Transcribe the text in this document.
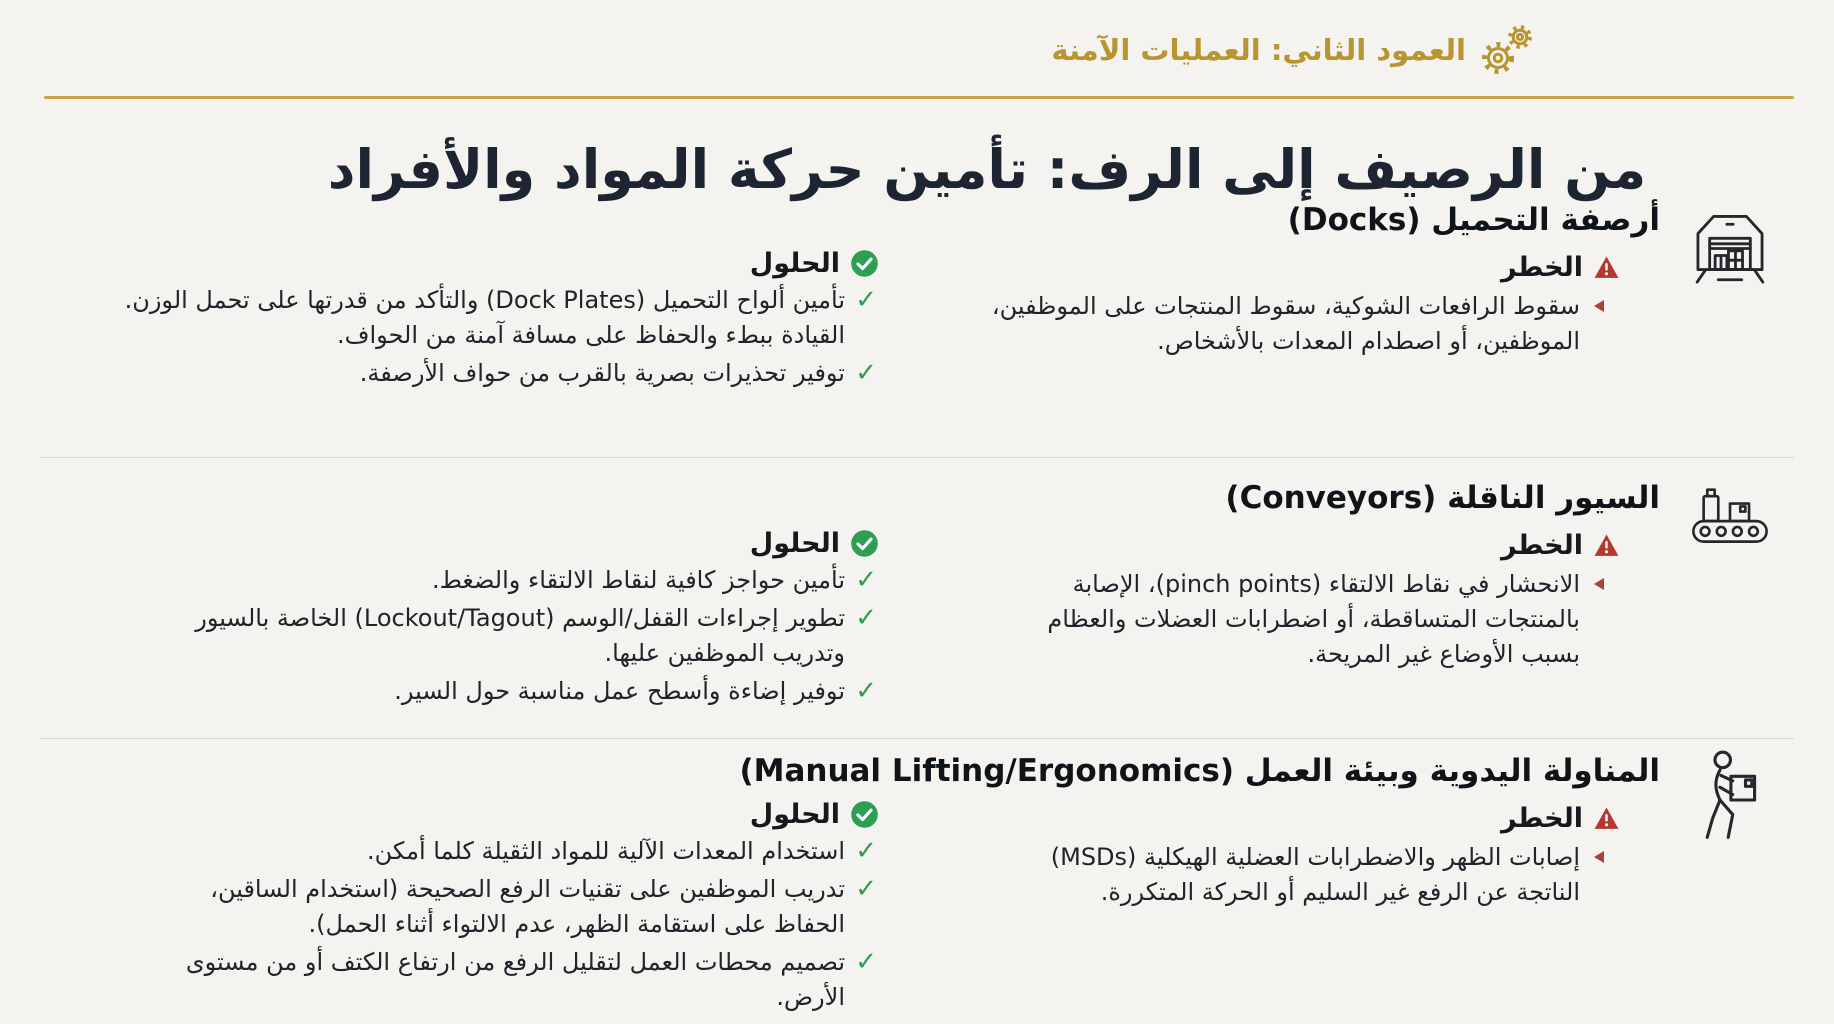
العمود الثاني: العمليات الآمنة
من الرصيف إلى الرف: تأمين حركة المواد والأفراد
أرصفة التحميل (Docks)
الخطر
سقوط الرافعات الشوكية، سقوط المنتجات على الموظفين،
الموظفين، أو اصطدام المعدات بالأشخاص.
الحلول
✓
تأمين ألواح التحميل (Dock Plates) والتأكد من قدرتها على تحمل الوزن.
القيادة ببطء والحفاظ على مسافة آمنة من الحواف.
✓
توفير تحذيرات بصرية بالقرب من حواف الأرصفة.
السيور الناقلة (Conveyors)
الخطر
الانحشار في نقاط الالتقاء (pinch points)، الإصابة
بالمنتجات المتساقطة، أو اضطرابات العضلات والعظام
بسبب الأوضاع غير المريحة.
الحلول
✓
تأمين حواجز كافية لنقاط الالتقاء والضغط.
✓
تطوير إجراءات القفل/الوسم (Lockout/Tagout) الخاصة بالسيور
وتدريب الموظفين عليها.
✓
توفير إضاءة وأسطح عمل مناسبة حول السير.
المناولة اليدوية وبيئة العمل (Manual Lifting/Ergonomics)
الخطر
إصابات الظهر والاضطرابات العضلية الهيكلية (MSDs)
الناتجة عن الرفع غير السليم أو الحركة المتكررة.
الحلول
✓
استخدام المعدات الآلية للمواد الثقيلة كلما أمكن.
✓
تدريب الموظفين على تقنيات الرفع الصحيحة (استخدام الساقين،
الحفاظ على استقامة الظهر، عدم الالتواء أثناء الحمل).
✓
تصميم محطات العمل لتقليل الرفع من ارتفاع الكتف أو من مستوى
الأرض.
